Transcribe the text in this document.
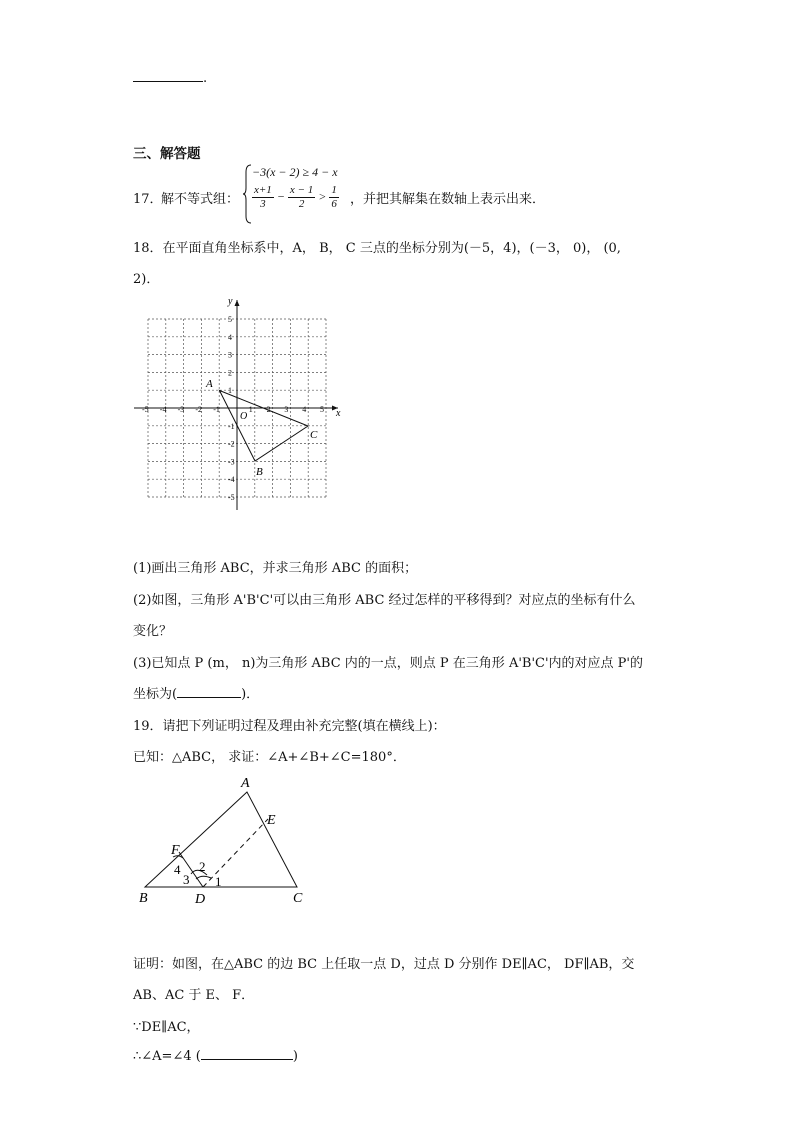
.
三、解答题
17．
解不等式组：
−3(x − 2) ≥ 4 − x
$\frac{x+1}{3} - \frac{x - 1}{2} > \frac{1}{6}$ ，并把其解集在数轴上表示出来．
18．在平面直角坐标系中，A， B， C 三点的坐标分别为(－5，4)，(－3， 0)， (0,
2)．
y
x
O
A
B
C
-5 -4 -3 -2 -1	1 2 3 4 5
5
4
3
2
1
-1
-2
-3
-4
-5
(1)画出三角形 ABC，并求三角形 ABC 的面积；
(2)如图，三角形 A'B'C'可以由三角形 ABC 经过怎样的平移得到？对应点的坐标有什么
变化？
(3)已知点 P (m， n)为三角形 ABC 内的一点，则点 P 在三角形 A'B'C'内的对应点 P'的
坐标为(	)．
19．请把下列证明过程及理由补充完整(填在横线上)：
已知：△ABC， 求证：∠A+∠B+∠C=180°．
A
B	C
D
E
F
1
2
3
4
证明：如图，在△ABC 的边 BC 上任取一点 D，过点 D 分别作 DE∥AC， DF∥AB，交
AB、AC 于 E、 F．
∵DE∥AC，
∴∠A=∠4 (	)
